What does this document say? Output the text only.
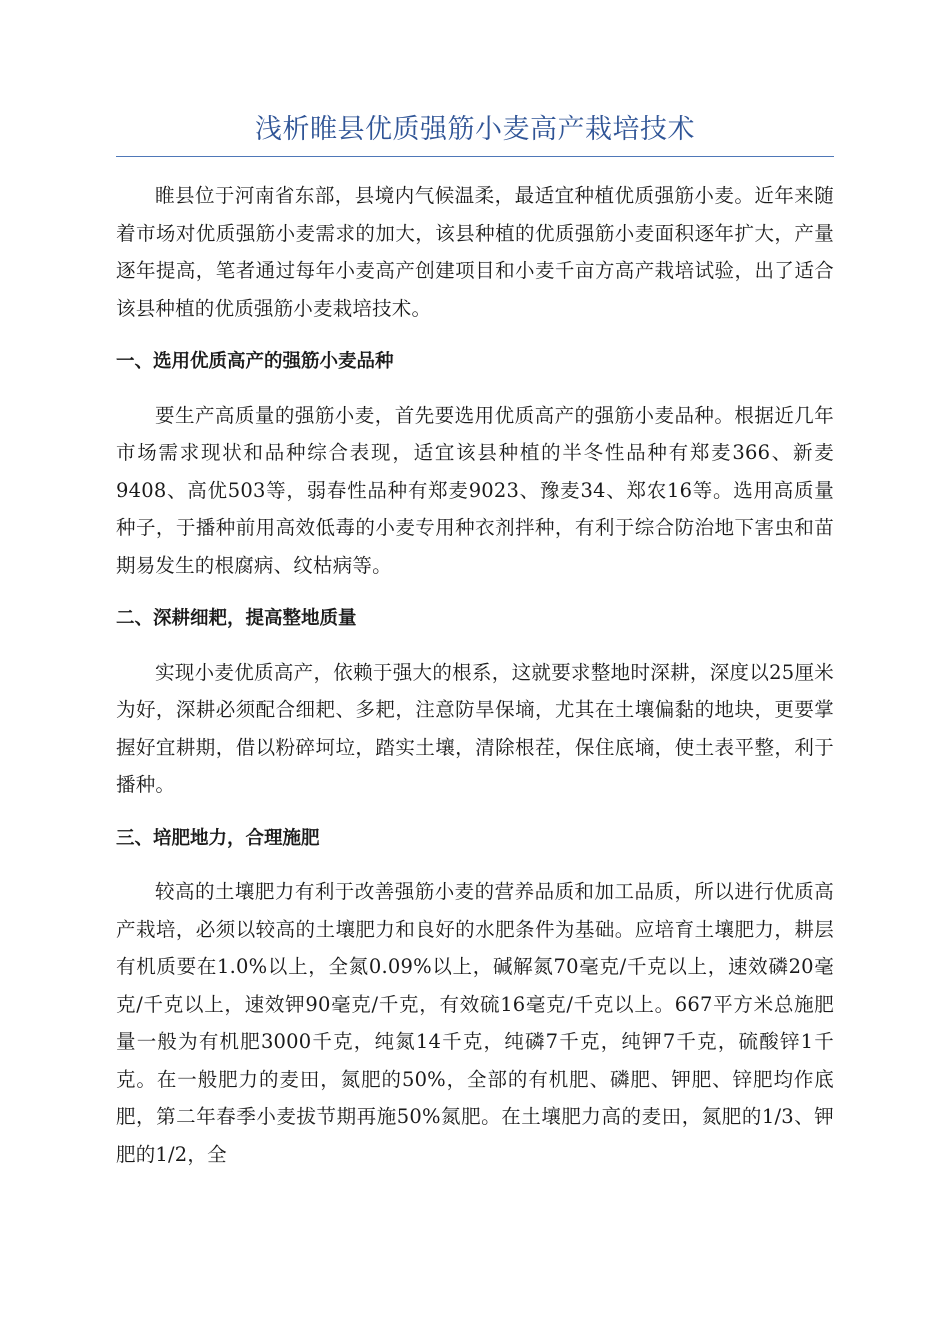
浅析睢县优质强筋小麦高产栽培技术

睢县位于河南省东部，县境内气候温柔，最适宜种植优质强筋小麦。近年来随着市场对优质强筋小麦需求的加大，该县种植的优质强筋小麦面积逐年扩大，产量逐年提高，笔者通过每年小麦高产创建项目和小麦千亩方高产栽培试验，出了适合该县种植的优质强筋小麦栽培技术。

一、选用优质高产的强筋小麦品种

要生产高质量的强筋小麦，首先要选用优质高产的强筋小麦品种。根据近几年市场需求现状和品种综合表现，适宜该县种植的半冬性品种有郑麦366、新麦9408、高优503等，弱春性品种有郑麦9023、豫麦34、郑农16等。选用高质量种子，于播种前用高效低毒的小麦专用种衣剂拌种，有利于综合防治地下害虫和苗期易发生的根腐病、纹枯病等。

二、深耕细耙，提高整地质量

实现小麦优质高产，依赖于强大的根系，这就要求整地时深耕，深度以25厘米为好，深耕必须配合细耙、多耙，注意防旱保墒，尤其在土壤偏黏的地块，更要掌握好宜耕期，借以粉碎坷垃，踏实土壤，清除根茬，保住底墒，使土表平整，利于播种。

三、培肥地力，合理施肥

较高的土壤肥力有利于改善强筋小麦的营养品质和加工品质，所以进行优质高产栽培，必须以较高的土壤肥力和良好的水肥条件为基础。应培育土壤肥力，耕层有机质要在1.0%以上，全氮0.09%以上，碱解氮70毫克/千克以上，速效磷20毫克/千克以上，速效钾90毫克/千克，有效硫16毫克/千克以上。667平方米总施肥量一般为有机肥3000千克，纯氮14千克，纯磷7千克，纯钾7千克，硫酸锌1千克。在一般肥力的麦田，氮肥的50%，全部的有机肥、磷肥、钾肥、锌肥均作底肥，第二年春季小麦拔节期再施50%氮肥。在土壤肥力高的麦田，氮肥的1/3、钾肥的1/2，全
